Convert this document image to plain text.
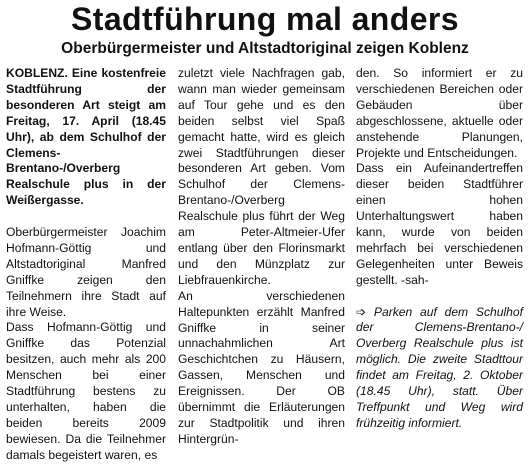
Stadtführung mal anders
Oberbürgermeister und Altstadtoriginal zeigen Koblenz

KOBLENZ. Eine kostenfreie Stadtführung der besonderen Art steigt am Freitag, 17. April (18.45 Uhr), ab dem Schulhof der Clemens-Brentano-/Overberg Realschule plus in der Weißergasse.

Oberbürgermeister Joachim Hofmann-Göttig und Altstadtoriginal Manfred Gniffke zeigen den Teilnehmern ihre Stadt auf ihre Weise.

Dass Hofmann-Göttig und Gniffke das Potenzial besitzen, auch mehr als 200 Menschen bei einer Stadtführung bestens zu unterhalten, haben die beiden bereits 2009 bewiesen. Da die Teilnehmer damals begeistert waren, es

zuletzt viele Nachfragen gab, wann man wieder gemeinsam auf Tour gehe und es den beiden selbst viel Spaß gemacht hatte, wird es gleich zwei Stadtführungen dieser besonderen Art geben. Vom Schulhof der Clemens-Brentano-/Overberg Realschule plus führt der Weg am Peter-Altmeier-Ufer entlang über den Florinsmarkt und den Münzplatz zur Liebfrauenkirche.

An verschiedenen Haltepunkten erzählt Manfred Gniffke in seiner unnachahmlichen Art Geschichtchen zu Häusern, Gassen, Menschen und Ereignissen. Der OB übernimmt die Erläuterungen zur Stadtpolitik und ihren Hintergrün-

den. So informiert er zu verschiedenen Bereichen oder Gebäuden über abgeschlossene, aktuelle oder anstehende Planungen, Projekte und Entscheidungen.

Dass ein Aufeinandertreffen dieser beiden Stadtführer einen hohen Unterhaltungswert haben kann, wurde von beiden mehrfach bei verschiedenen Gelegenheiten unter Beweis gestellt. -sah-

➩ Parken auf dem Schulhof der Clemens-Brentano-/ Overberg Realschule plus ist möglich. Die zweite Stadttour findet am Freitag, 2. Oktober (18.45 Uhr), statt. Über Treffpunkt und Weg wird frühzeitig informiert.
